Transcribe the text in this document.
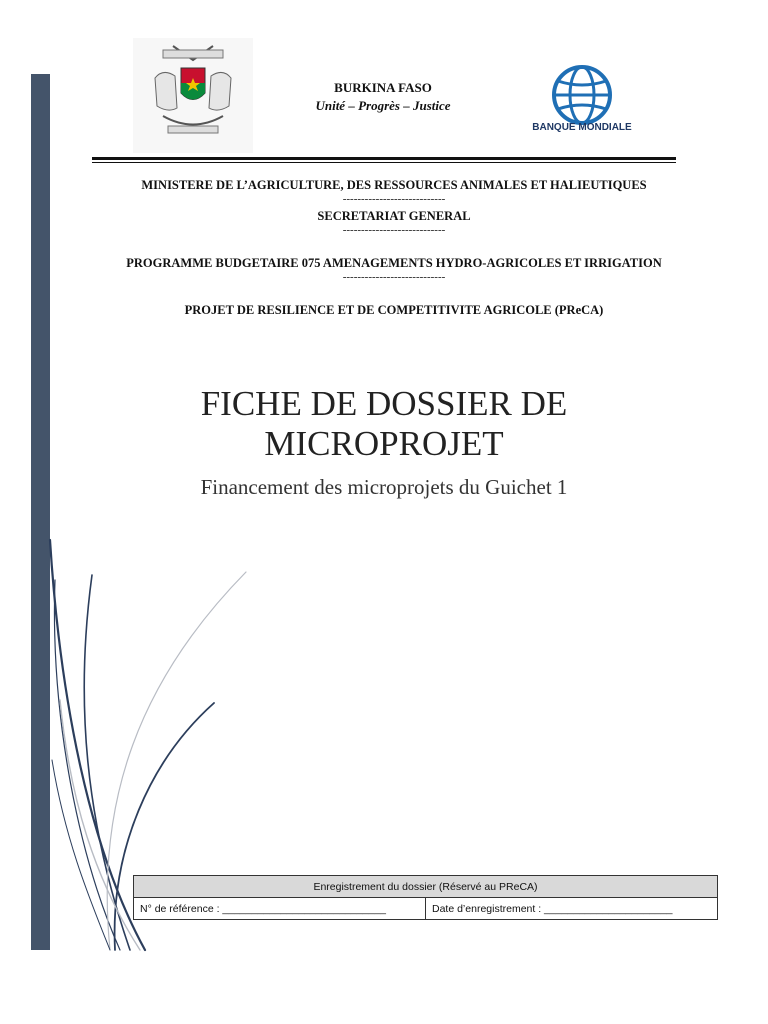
BANQUE MONDIALE
BURKINA FASO
Unité – Progrès – Justice
MINISTERE DE L’AGRICULTURE, DES RESSOURCES ANIMALES ET HALIEUTIQUES
----------------------------
SECRETARIAT GENERAL
----------------------------
PROGRAMME BUDGETAIRE 075 AMENAGEMENTS HYDRO-AGRICOLES ET IRRIGATION
----------------------------
PROJET DE RESILIENCE ET DE COMPETITIVITE AGRICOLE (PReCA)
FICHE DE DOSSIER DE
MICROPROJET
Financement des microprojets du Guichet 1
Enregistrement du dossier (Réservé au PReCA)
N° de référence : ____________________________	Date d’enregistrement : ______________________
